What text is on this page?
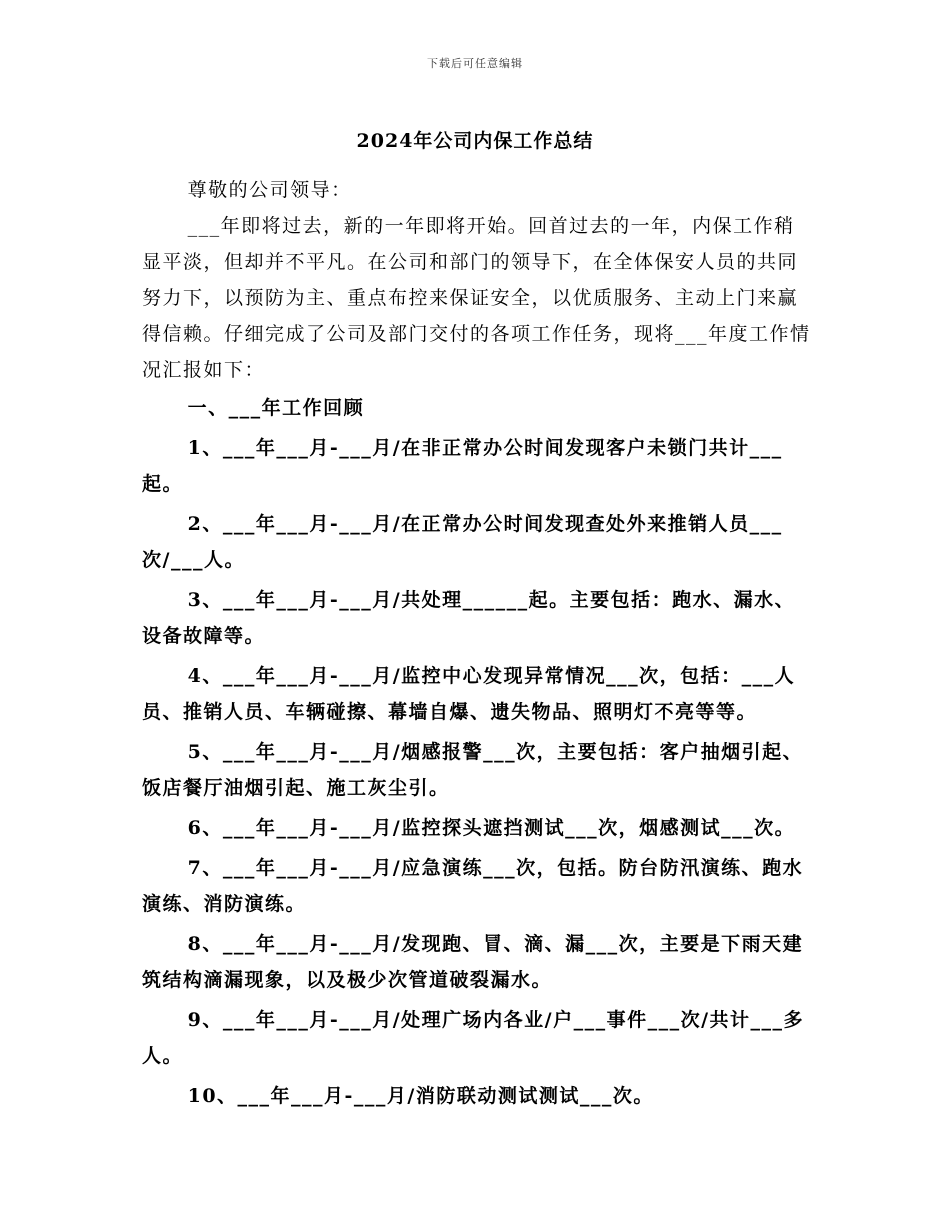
下载后可任意编辑
2024年公司内保工作总结

尊敬的公司领导：

___年即将过去，新的一年即将开始。回首过去的一年，内保工作稍显平淡，但却并不平凡。在公司和部门的领导下，在全体保安人员的共同努力下，以预防为主、重点布控来保证安全，以优质服务、主动上门来赢得信赖。仔细完成了公司及部门交付的各项工作任务，现将___年度工作情况汇报如下：

一、___年工作回顾

1、___年___月-___月/在非正常办公时间发现客户未锁门共计___起。

2、___年___月-___月/在正常办公时间发现查处外来推销人员___次/___人。

3、___年___月-___月/共处理______起。主要包括：跑水、漏水、设备故障等。

4、___年___月-___月/监控中心发现异常情况___次，包括：___人员、推销人员、车辆碰擦、幕墙自爆、遗失物品、照明灯不亮等等。

5、___年___月-___月/烟感报警___次，主要包括：客户抽烟引起、饭店餐厅油烟引起、施工灰尘引。

6、___年___月-___月/监控探头遮挡测试___次，烟感测试___次。

7、___年___月-___月/应急演练___次，包括。防台防汛演练、跑水演练、消防演练。

8、___年___月-___月/发现跑、冒、滴、漏___次，主要是下雨天建筑结构滴漏现象，以及极少次管道破裂漏水。

9、___年___月-___月/处理广场内各业/户___事件___次/共计___多人。

10、___年___月-___月/消防联动测试测试___次。
